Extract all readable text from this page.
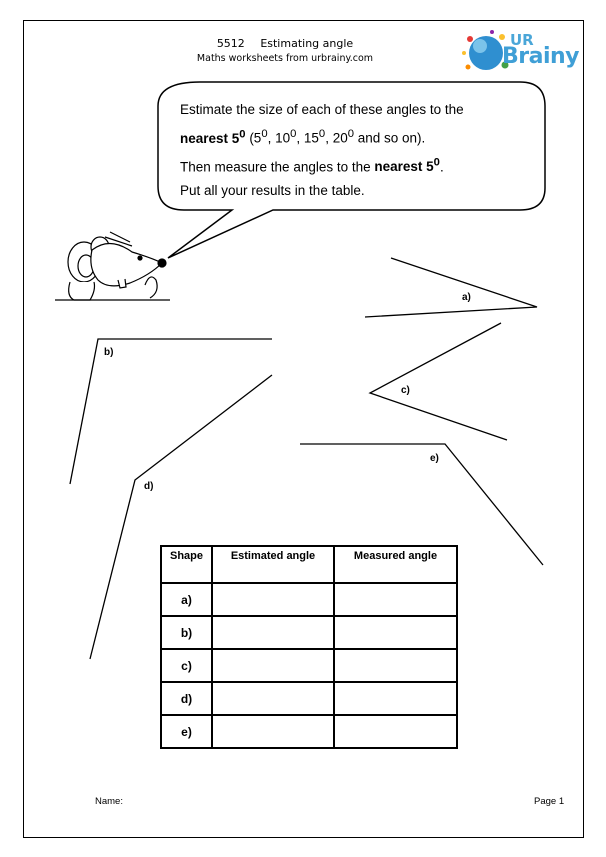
5512 Estimating angle
Maths worksheets from urbrainy.com
UR
Brainy

Estimate the size of each of these angles to the

nearest $5^0$ ($5^0$, $10^0$, $15^0$, $20^0$ and so on).

Then measure the angles to the nearest $5^0$.

Put all your results in the table.

a)
b)
c)
d)
e)
Shape	Estimated angle	Measured angle
a)		
b)		
c)		
d)		
e)		
Name:	Page 1
